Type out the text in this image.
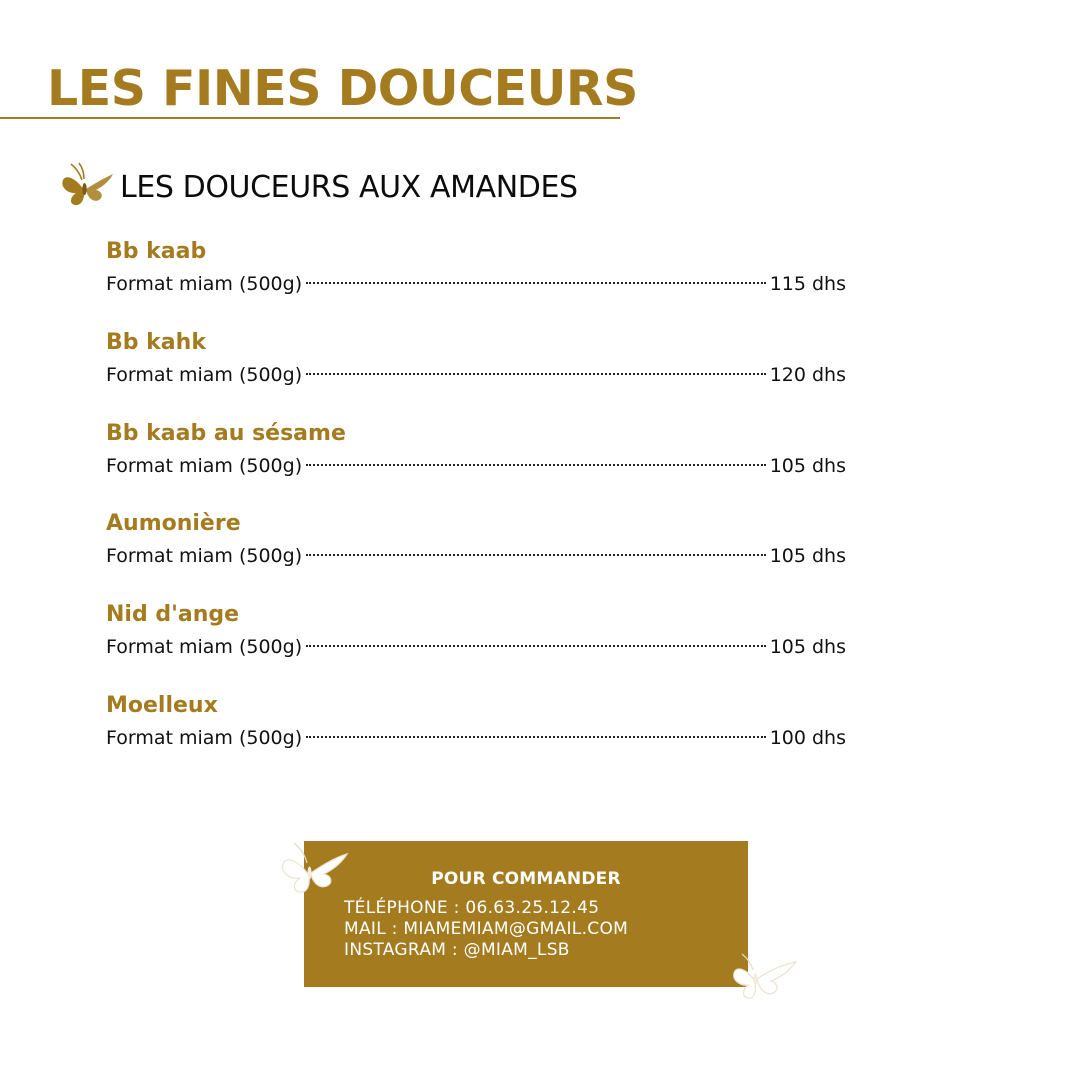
LES FINES DOUCEURS
LES DOUCEURS AUX AMANDES
Bb kaab
Format miam (500g)	115 dhs
Bb kahk
Format miam (500g)	120 dhs
Bb kaab au sésame
Format miam (500g)	105 dhs
Aumonière
Format miam (500g)	105 dhs
Nid d'ange
Format miam (500g)	105 dhs
Moelleux
Format miam (500g)	100 dhs
POUR COMMANDER
TÉLÉPHONE : 06.63.25.12.45
MAIL : MIAMEMIAM@GMAIL.COM
INSTAGRAM : @MIAM_LSB
